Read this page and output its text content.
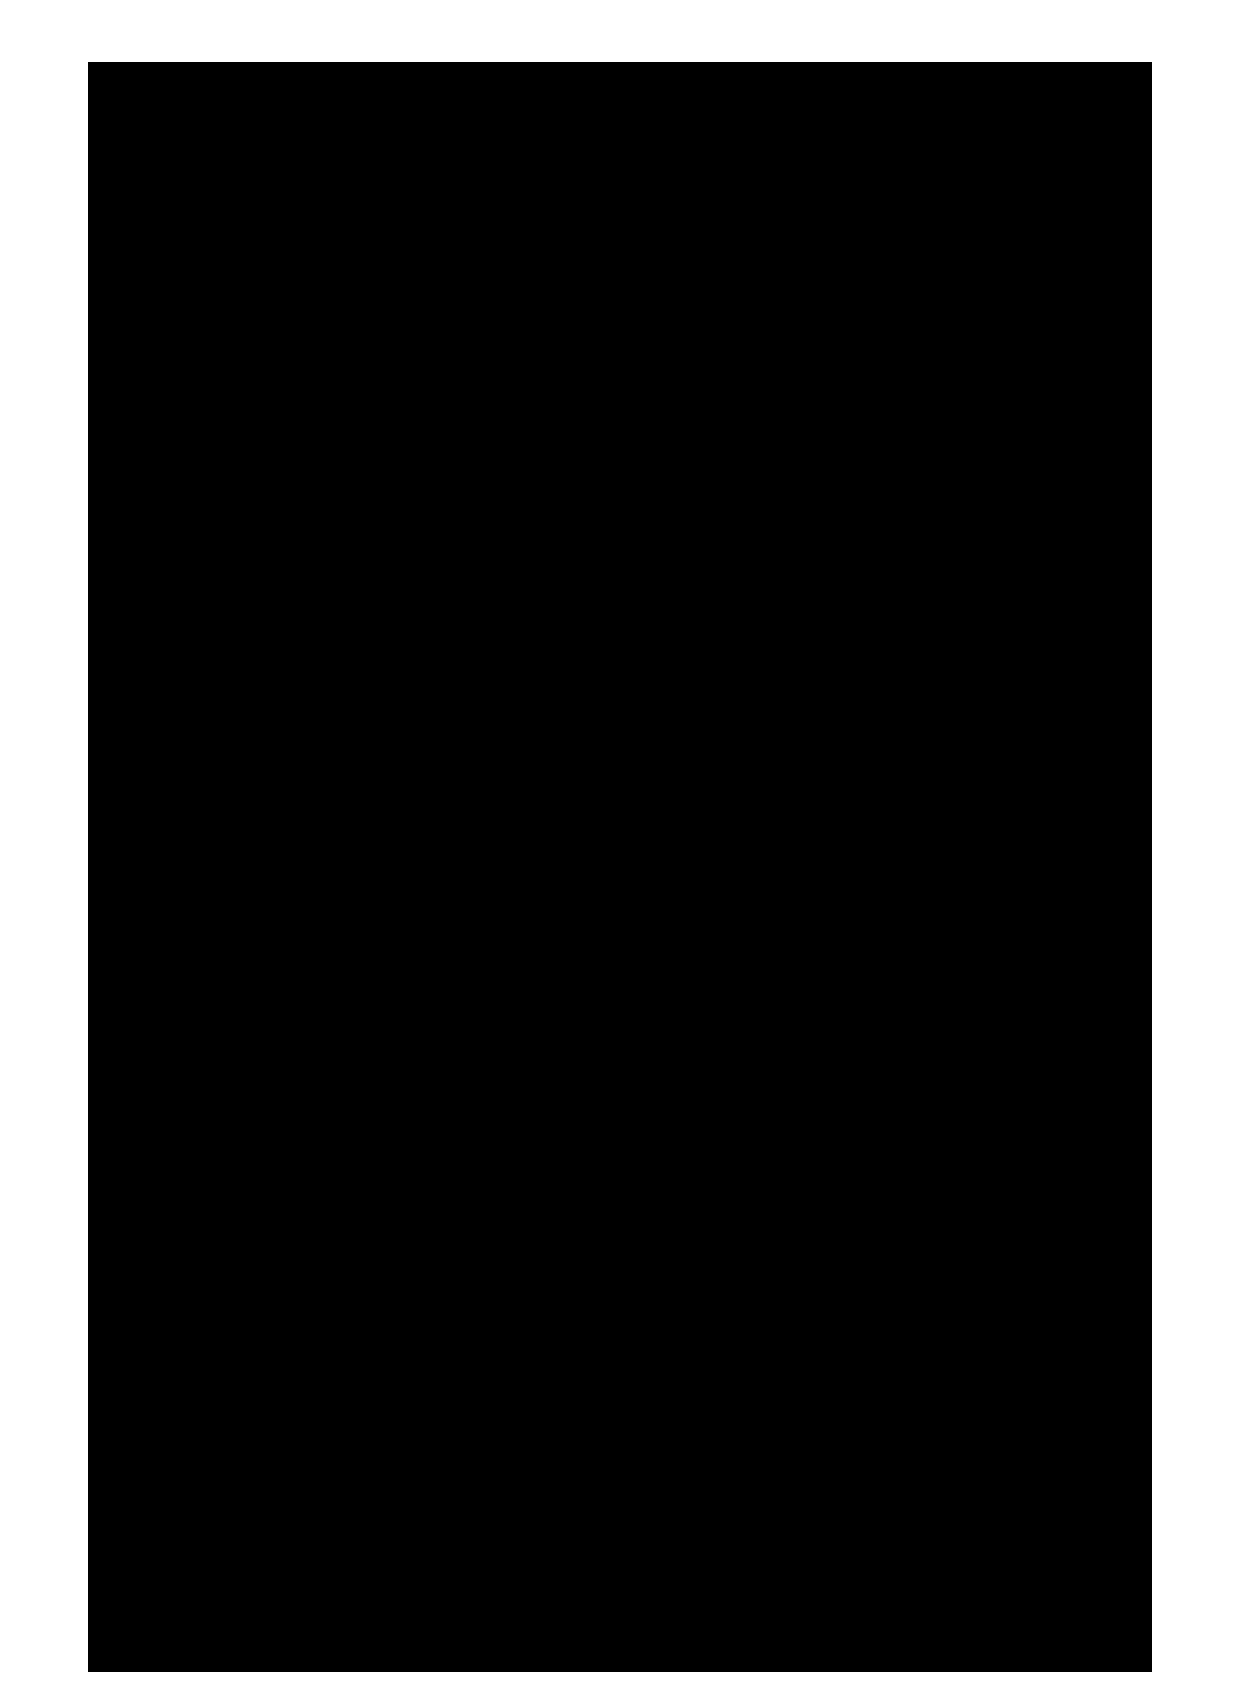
论 著	心理医生2016年11月第22卷第32期

复合型人才，进而对医院内部审计信息化造成了严重的制约[3]。

2.加强医院内部设计信息化的有效对策

2.1 加强对内部审计信息化的重视，为其创设良好的环境

为推动医院内部审计信息化的进程，首要任务便是采取科学合适的方式，加强医院领导及管理人员对内部审计信息化的重视，并深切体会到审计监督不仅可对医院经济的安全进行有效维护，而且还可揭示、预防并抵御各项经济活动中存在的风险[4]。因此，医院在开展信息化建设过程中，需做好以下工作：(1)在经营管理中纳入内部审计这一工作项目，并与医院的财务、实物管理及业务流程等密切联系起来；(2)对内部审计拥有医院所有信息系统的查询权进行明确授权；(3)做好人员的配备工作，确保担任内部审计工作的人员具有良好的审计及计算机能力。而对于医院内部审计工作人员而言，则需充分理解审计信息化在促进医院发展中的作用，并产生紧迫感，积极学习审计方面的知识，锻炼自身的计算机应用能力。

2.2 做好统筹规划工作，加大对专用内部审计软件的开发力度

在研发专用内部审计软件过程中，医院应严格遵循总体统筹规划、顶层设计的原则。有的医院在开展信息化工作时，花费了不少的精力和财力，但依然没有将问题很好地解决，究其原因，主要是软件规划的制定人员未能制定出与企业实际及发展需求相符的规划。基于此，医院应联合行业内部审计协会或相关卫生部门等进行统筹规划，从医疗行业的特殊性出发，邀请专家小组参与其中，对合适的审计模式进行收集与提炼，并将由审计署审批且通过了的软件作为基础，与软件开发公司进行合作，从而研发出适合自身需求的内部专用审计软件[4]。需要注意的时，在研发审计软件时，需将网络化及信息化的发展趋势充分考虑在内，并严格遵循财务会计制度及内部审计的相关准则。其次，为确保满足各审计项目的实际需求，设计的软件应具备良好的开放性；其三，要将推广的基础条件考虑在内，并确保软件的

操作简便且实用。

2.3 采用软件助力，充分促进内部审计人员专业技能的提升

由于自身审计信息化尚处于较低的水平，因此，医院应加大计算机辅助的力度，借助审计软件，进一步推进审计信息化发展。首先，医院应对内部审计工作人员展开计算机方面的培训，使其对审计软甲的操作及使用有一个全面的掌握。其次，尽可能选择符合条件的审计人员，并对其展开有关审计专业知识的培训，如网络安全、软件编程、计算机内部控制等，充分促进其计算机辅助审计能力的提升。其三，医院可聘请外部专业的审计公司或人员来协助自身开展内部审计信息化建设工作。

3.结语

综上所述，现阶段，我国大多数医院的内部审计信息化建设处于起步阶段，在实际工作过程中，内部审计人员依旧采取传统的手工方式，阻碍了内部审计信息化发展。在此种形势下，医院就应加强对内部审计信息化的重视，加大对专用内部审计软件的开发力度，重视内部审计人员的技能培训，从而确保内部审计发挥出真正的作用，在推动审计信息化的基础上，为医院实现更好的发展提供充分保障。

【参考文献】

[1] 苏娟. 内部审计信息化发展中存在的问题及解决对策[J]. 经济师, 2015, (03):275-276.

[2] 吴光清, 陈航. 医院内部审计信息化存在的问题与对策[J]. 中国内部审计, 2012, 11(03):66-67.

[3] 石玮, 李龙. 对医院内部审计信息化建设的思考[J]. 企业家天地, 2011, 15(03):112-113.

[4] 程静. 内部审计信息化建设存在的问题和对策[J]. 时代金融, 2015, 16(06):222-223.

[5] 郭文梅, 布和朝鲁. 医院内部审计信息化的发展现状与趋势[J]. 中国医药科学, 2014, 4(03):173-175.

临床研究
皮肤再生疗法治疗小面积深度摩托车排气管烫伤创面
刘赤峰 周杰 鞠海滨
（江苏省苏北人民医院烧伤整形科 江苏扬州 225001）

【摘要】目的：观察皮肤再生疗法治疗小面积摩托车排气管烫伤创面的疗效。方法：对于23例小面积深摩托车排气管烫伤创面，应用皮肤再生疗法治疗。结果：23例病人均能有效止痛、防止感染，创面于8～25天内愈合。结论：皮肤再生疗法治疗小面积摩托车排气管烫伤创面，能促进创面早期愈合，达到理想的效果。

【关键词】皮肤再生疗法；MEBO；摩托车排气管烫伤

【中图分类号】R644	【文献标识码】A	【文章编号】1007-8231（2016）32-0020-02

近年来，随着拥有摩托车的人口增加，摩托车排气管烫伤已成为常见烫伤之一，我科2008—2009年应用皮肤再生疗法治疗23例小面积摩托车排气管烫伤的病人，取得良好的效果，现报告如下。

1.临床资料

本组共23例，男22例，女1例，年龄16岁～35岁。烧伤面积为3×2cm至5×3cm大小，就诊时受伤时间为1～3天，深度均为Ⅱ度到Ⅲ度。烧伤部位：小腿19例，肩部1例，上臂1例。入院时创面肿胀，表面覆有坏死组织，其中3例创面红肿明显，局部疼痛剧烈。

2.治疗方法

该组病人无需静脉补液抗感染，就诊后即予以清创，对痂皮附着的创面，先用MEBO将痂皮软化，然后用剪刀将坏死物质

清除，创面外用MEBO，厚度为1.0～1.5mm，每日一次，每次换药前，尽可能清除创面上原有的药物、液化物和坏死组织，创面治疗时，严格按照“早期用药、全程用药、规范创面换药技术、三个及时、三不原则”的处理原则[1]。

3.结果

23例病人应用皮肤再生疗法治疗后疼痛明显减轻，有感染者3～4天创缘红肿消退，5～6天后，坏死组织逐步液化、脱落，创面分泌物增多，1周后见肉芽生长明显，创缘上皮生长，创面逐步缩小，全部创面均于8～25天内愈合。

4.讨论

4.1 在我国，摩托车是主要的交通工具之一。随着摩托车数量的增加，由摩托车引发的交通事故也不断增加，摩托车排气管所致的烫伤不断增多[2]。摩托车排气管烫伤创面多位于小

20
